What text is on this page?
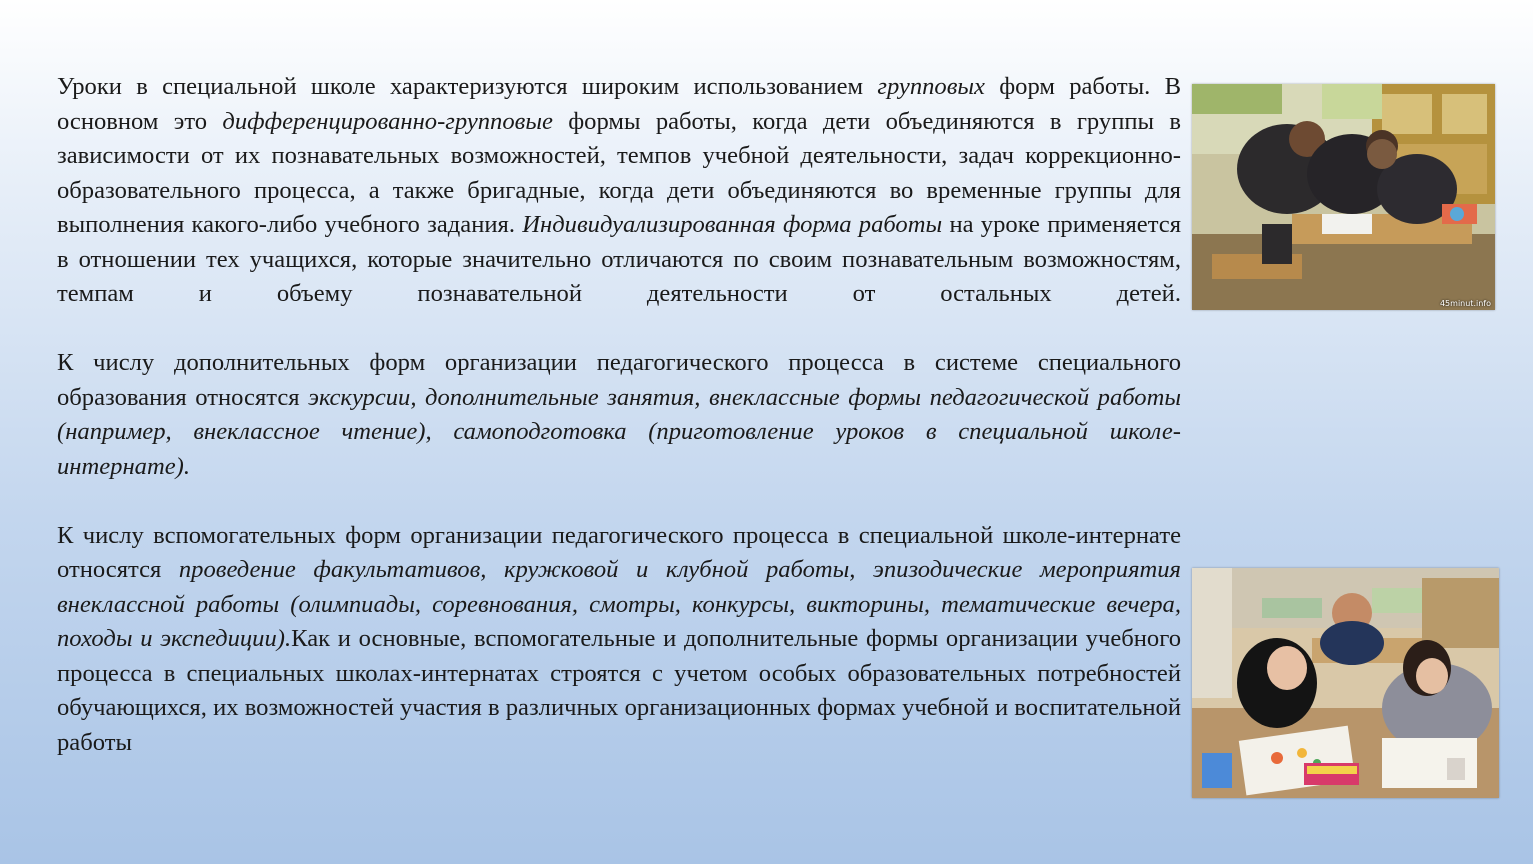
Уроки в специальной школе характеризуются широким использованием групповых форм работы. В основном это дифференцированно-групповые формы работы, когда дети объединяются в группы в зависимости от их познавательных возможностей, темпов учебной деятельности, задач коррекционно-образовательного процесса, а также бригадные, когда дети объединяются во временные группы для выполнения какого-либо учебного задания. Индивидуализированная форма работы на уроке применяется в отношении тех учащихся, которые значительно отличаются по своим познавательным возможностям, темпам и объему познавательной деятельности от остальных детей.

К числу дополнительных форм организации педагогического процесса в системе специального образования относятся экскурсии, дополнительные занятия, внеклассные формы педагогической работы (например, внеклассное чтение), самоподготовка (приготовление уроков в специальной школе-интернате).

К числу вспомогательных форм организации педагогического процесса в специальной школе-интернате относятся проведение факультативов, кружковой и клубной работы, эпизодические мероприятия внеклассной работы (олимпиады, соревнования, смотры, конкурсы, викторины, тематические вечера, походы и экспедиции).Как и основные, вспомогательные и дополнительные формы организации учебного процесса в специальных школах-интернатах строятся с учетом особых образовательных потребностей обучающихся, их возможностей участия в различных организационных формах учебной и воспитательной работы

45minut.info
